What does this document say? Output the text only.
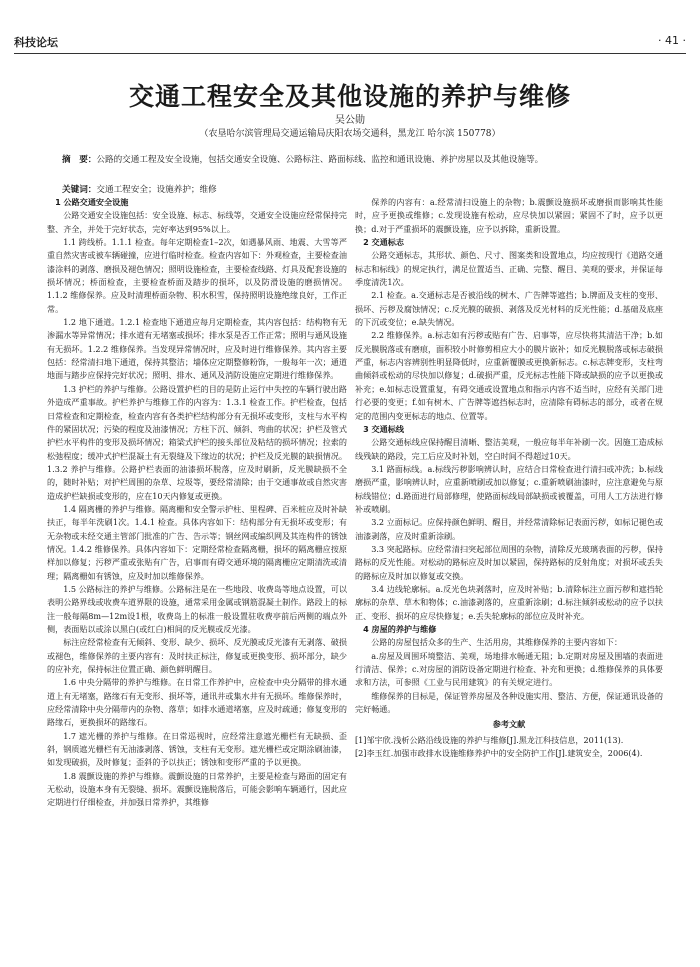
科技论坛	· 41 ·
交通工程安全及其他设施的养护与维修
吴公勋
（农垦哈尔滨管理局交通运输局庆阳农场交通科，黑龙江 哈尔滨 150778）
摘　要：公路的交通工程及安全设施，包括交通安全设施、公路标注、路面标线、监控和通讯设施、养护房屋以及其他设施等。
关键词：交通工程安全；设施养护；维修

1 公路交通安全设施

公路交通安全设施包括：安全设施、标志、标线等，交通安全设施应经常保持完整、齐全，并处于完好状态，完好率达到95%以上。

1.1 跨线桥。1.1.1 检查。每年定期检查1–2次，如遇暴风雨、地震、大雪等严重自然灾害或被车辆碰撞，应进行临时检查。检查内容如下：外观检查，主要检查油漆涂料的剥落、磨损及褪色情况；照明设施检查，主要检查线路、灯具及配套设施的损坏情况；桥面检查，主要检查桥面及踏步的损坏，以及防滑设施的磨损情况。1.1.2 维修保养。应及时清理桥面杂物、积水积雪，保持照明设施绝缘良好，工作正常。

1.2 地下通道。1.2.1 检查地下通道应每月定期检查，其内容包括：结构物有无渗漏水等异常情况；排水道有无堵塞或损坏；排水泵是否工作正常；照明与通风设施有无损坏。1.2.2 维修保养。当发现异常情况时，应及时进行维修保养。其内容主要包括：经常清扫地下通道，保持其整洁；墙体应定期整修粉饰，一般每年一次；通道地面与踏步应保持完好状况；照明、排水、通风及消防设施应定期进行维修保养。

1.3 护栏的养护与维修。公路设置护栏的目的是防止运行中失控的车辆行驶出路外造成严重事故。护栏养护与维修工作的内容为：1.3.1 检查工作。护栏检查，包括日常检查和定期检查，检查内容有各类护栏结构部分有无损坏或变形，支柱与水平构件的紧固状况；污染的程度及油漆情况；方柱下沉、倾斜、弯曲的状况；护栏及管式护栏水平构件的变形及损坏情况；箱梁式护栏的接头部位及粘结的损坏情况；拉索的松弛程度；缓冲式护栏混凝土有无裂缝及下缘边的状况；护栏及反光膜的缺损情况。1.3.2 养护与维修。公路护栏表面的油漆损坏脱落，应及时刷新，反光膜缺损不全的，随时补贴；对护栏周围的杂草、垃圾等，要经常清除；由于交通事故或自然灾害造成护栏缺损或变形的，应在10天内修复或更换。

1.4 隔离栅的养护与维修。隔离栅和安全警示护柱、里程碑、百米桩应及时补缺扶正，每半年洗刷1次。1.4.1 检查。具体内容如下：结构部分有无损坏或变形；有无杂物或未经交通主管部门批准的广告、告示等；钢丝网或编织网及其连构件的锈蚀情况。1.4.2 维修保养。具体内容如下：定期经常检查隔离栅，损坏的隔离栅应按原样加以修复；污秽严重或张贴有广告，启事而有碍交通环境的隔离栅应定期清洗或清理；隔离栅如有锈蚀，应及时加以维修保养。

1.5 公路标注的养护与维修。公路标注是在一些地段、收费岛等地点设置，可以表明公路界线或收费车道界限的设施，通常采用金属或钢筋混凝土制作。路段上的标注一般每隔8m—12m设1根，收费岛上的标准一般设置驻收费亭前后两侧的端点外侧，表面贴以或涂以黑白(或红白)相间的反光膜或反光漆。

标注应经常检查有无倾斜、变形、缺少、损坏、反光膜或反光漆有无剥落、破损或褪色，维修保养的主要内容有：及时扶正标注，修复或更换变形、损坏部分，缺少的应补充，保持标注位置正确、颜色鲜明醒目。

1.6 中央分隔带的养护与维修。在日常工作养护中，应检查中央分隔带的排水通道上有无堵塞，路缘石有无变形、损坏等，通讯井或集水井有无损坏。维修保养时，应经常清除中央分隔带内的杂物、落草；如排水通道堵塞，应及时疏通；修复变形的路缘石，更换损坏的路缘石。

1.7 遮光栅的养护与维修。在日常巡视时，应经常注意遮光栅栏有无缺损、歪斜，钢质遮光栅栏有无油漆剥落、锈蚀，支柱有无变形。遮光栅栏或定期涂刷油漆，如发现破损，及时修复；歪斜的予以扶正；锈蚀和变形严重的予以更换。

1.8 震颤设施的养护与维修。震颤设施的日常养护，主要是检查与路面的固定有无松动，设施本身有无裂缝、损坏。震颤设施脱落后，可能会影响车辆通行，因此应定期进行仔细检查，并加强日常养护，其维修

保养的内容有：a.经常清扫设施上的杂物；b.震颤设施损坏或磨损而影响其性能时，应予更换或维修；c.发现设施有松动，应尽快加以紧固；紧固不了时，应予以更换；d.对于严重损坏的震颤设施，应予以拆除，重新设置。

2 交通标志

公路交通标志，其形状、颜色、尺寸、图案类和设置地点，均应按现行《道路交通标志和标线》的规定执行，满足位置适当、正确、完整、醒目、美观的要求，并保证每季度清洗1次。

2.1 检查。a.交通标志是否被沿线的树木、广告牌等遮挡；b.牌面及支柱的变形、损坏、污秽及腐蚀情况；c.反光膜的破损、剥落及反光材料的反光性能；d.基础及底座的下沉或变位；e.缺失情况。

2.2 维修保养。a.标志如有污秽或贴有广告、启事等，应尽快将其清洁干净；b.如反光膜脱落或有磨痕，面积较小时修剪相应大小的膜片嵌补；如反光膜脱落或标志破损严重，标志内容辨别性明显降低时，应重新覆膜或更换新标志。c.标志牌变形，支柱弯曲倾斜或松动的尽快加以修复；d.破损严重，反光标志性能下降或缺损的应予以更换或补充；e.如标志设置重复，有碍交通或设置地点和指示内容不适当时，应经有关部门进行必要的变更；f.如有树木、广告牌等遮挡标志时，应清除有碍标志的部分，或者在规定的范围内变更标志的地点、位置等。

3 交通标线

公路交通标线应保持醒目清晰、整洁美观，一般应每半年补刷一次。因施工造成标线残缺的路段，完工后应及时补划，空白时间不得超过10天。

3.1 路面标线。a.标线污秽影响辨认时，应结合日常检查进行清扫或冲洗；b.标线磨损严重，影响辨认时，应重新喷刷或加以修复；c.重新喷刷油漆时，应注意避免与原标线错位；d.路面进行局部修理，使路面标线局部缺损或被覆盖，可用人工方法进行修补或喷刷。

3.2 立面标记。应保持颜色鲜明、醒目，并经常清除标记表面污秽，如标记褪色或油漆剥落，应及时重新涂刷。

3.3 突起路标。应经常清扫突起部位周围的杂物，清除反光玻璃表面的污秽，保持路标的反光性能。对松动的路标应及时加以紧固，保持路标的反射角度；对损坏或丢失的路标应及时加以修复或交换。

3.4 边线轮廓标。a.反光色块剥落时，应及时补贴；b.清除标注立面污秽和遮挡轮廓标的杂草、草木和物体；c.油漆剥落的，应重新涂刷；d.标注倾斜或松动的应予以扶正、变形、损坏的应尽快修复；e.丢失轮廓标的部位应及时补充。

4 房屋的养护与维修

公路的房屋包括众多的生产、生活用房，其维修保养的主要内容如下：

a.房屋及周围环境整洁、美观，场地排水畅通无阻；b.定期对房屋及围墙的表面进行清洁、保养；c.对房屋的消防设备定期进行检查、补充和更换；d.维修保养的具体要求和方法，可参照《工业与民用建筑》的有关规定进行。

维修保养的目标是，保证管养房屋及各种设施实用、整洁、方便，保证通讯设备的完好畅通。

参考文献

[1]邹宇欣.浅析公路沿线设施的养护与维修[J].黑龙江科技信息，2011(13).

[2]李玉红.加强市政排水设施维修养护中的安全防护工作[J].建筑安全，2006(4).
